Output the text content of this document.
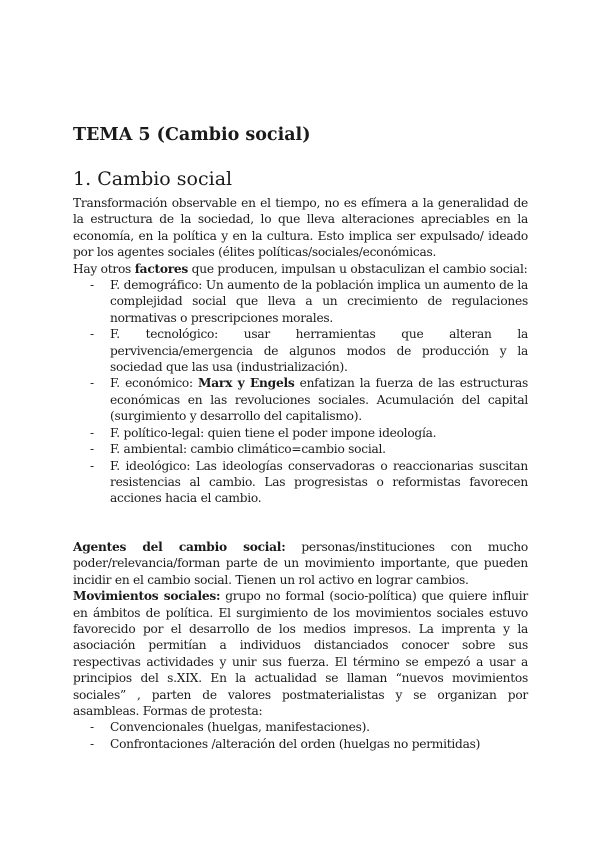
TEMA 5 (Cambio social)
1. Cambio social

Transformación observable en el tiempo, no es efímera a la generalidad de la estructura de la sociedad, lo que lleva alteraciones apreciables en la economía, en la política y en la cultura. Esto implica ser expulsado/ ideado por los agentes sociales (élites políticas/sociales/económicas.

Hay otros factores que producen, impulsan u obstaculizan el cambio social:

- F. demográfico: Un aumento de la población implica un aumento de la complejidad social que lleva a un crecimiento de regulaciones normativas o prescripciones morales.
- F. tecnológico: usar herramientas que alteran la pervivencia/emergencia de algunos modos de producción y la sociedad que las usa (industrialización).
- F. económico: Marx y Engels enfatizan la fuerza de las estructuras económicas en las revoluciones sociales. Acumulación del capital (surgimiento y desarrollo del capitalismo).
- F. político-legal: quien tiene el poder impone ideología.
- F. ambiental: cambio climático=cambio social.
- F. ideológico: Las ideologías conservadoras o reaccionarias suscitan resistencias al cambio. Las progresistas o reformistas favorecen acciones hacia el cambio.

Agentes del cambio social: personas/instituciones con mucho poder/relevancia/forman parte de un movimiento importante, que pueden incidir en el cambio social. Tienen un rol activo en lograr cambios.

Movimientos sociales: grupo no formal (socio-política) que quiere influir en ámbitos de política. El surgimiento de los movimientos sociales estuvo favorecido por el desarrollo de los medios impresos. La imprenta y la asociación permitían a individuos distanciados conocer sobre sus respectivas actividades y unir sus fuerza. El término se empezó a usar a principios del s.XIX. En la actualidad se llaman “nuevos movimientos sociales” , parten de valores postmaterialistas y se organizan por asambleas. Formas de protesta:

- Convencionales (huelgas, manifestaciones).
- Confrontaciones /alteración del orden (huelgas no permitidas)
